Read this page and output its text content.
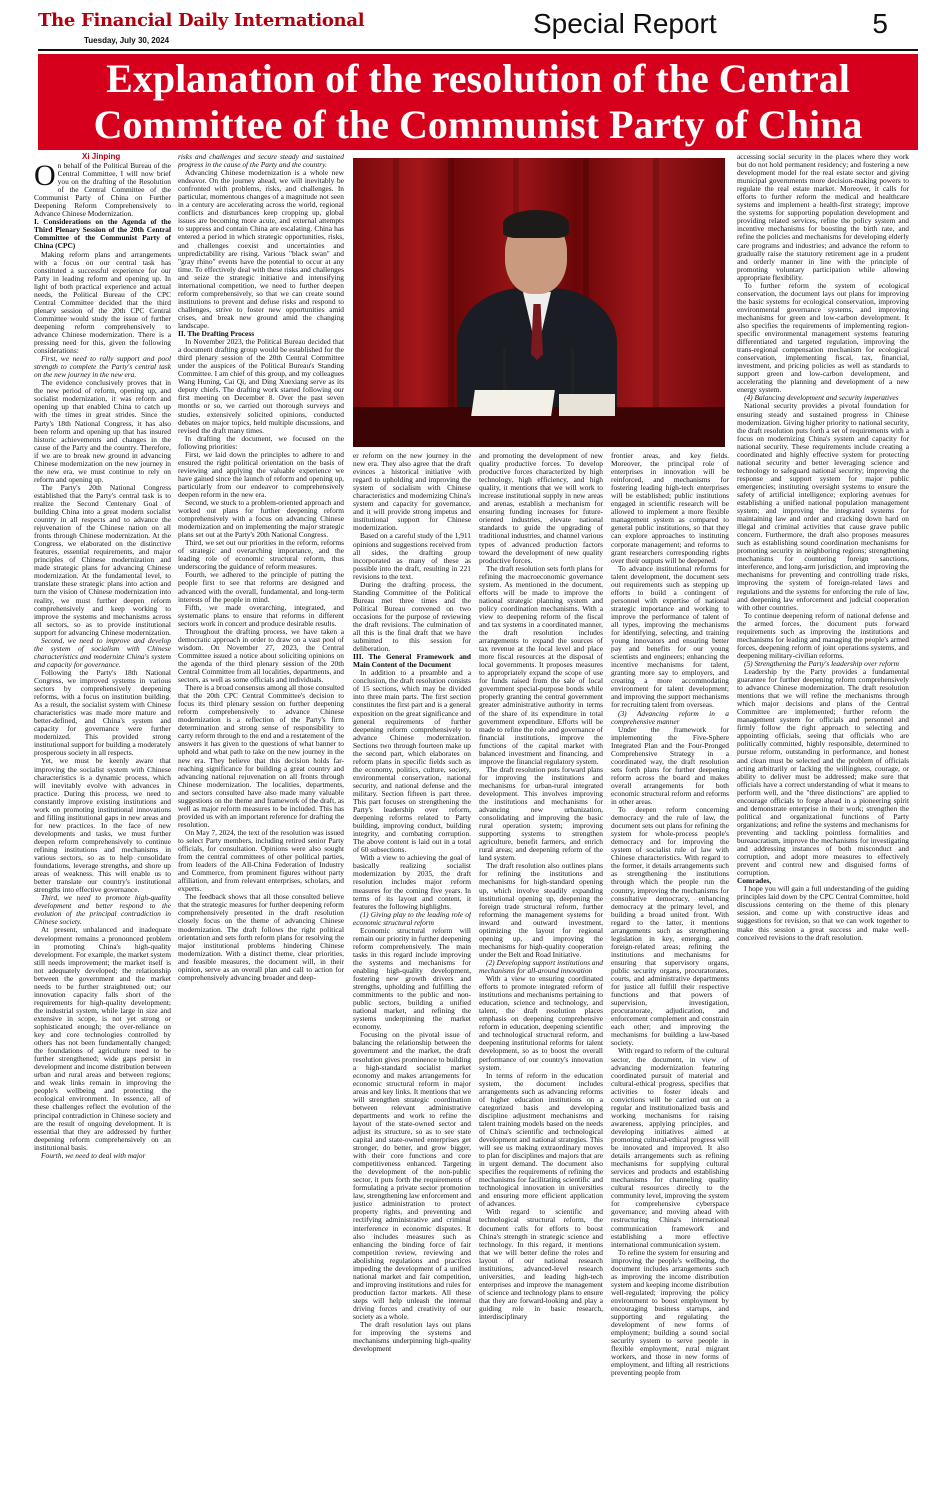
The Financial Daily International
Tuesday, July 30, 2024
Special Report	5
Explanation of the resolution of the Central
Committee of the Communist Party of China
Xi Jinping

On behalf of the Political Bureau of the Central Committee, I will now brief you on the drafting of the Resolution of the Central Committee of the Communist Party of China on Further Deepening Reform Comprehensively to Advance Chinese Modernization.

I. Considerations on the Agenda of the Third Plenary Session of the 20th Central Committee of the Communist Party of China (CPC)

Making reform plans and arrangements with a focus on our central task has constituted a successful experience for our Party in leading reform and opening up. In light of both practical experience and actual needs, the Political Bureau of the CPC Central Committee decided that the third plenary session of the 20th CPC Central Committee would study the issue of further deepening reform comprehensively to advance Chinese modernization. There is a pressing need for this, given the following considerations:

First, we need to rally support and pool strength to complete the Party's central task on the new journey in the new era.

The evidence conclusively proves that in the new period of reform, opening up, and socialist modernization, it was reform and opening up that enabled China to catch up with the times in great strides. Since the Party's 18th National Congress, it has also been reform and opening up that has insured historic achievements and changes in the cause of the Party and the country. Therefore, if we are to break new ground in advancing Chinese modernization on the new journey in the new era, we must continue to rely on reform and opening up.

The Party's 20th National Congress established that the Party's central task is to realize the Second Centenary Goal of building China into a great modern socialist country in all respects and to advance the rejuvenation of the Chinese nation on all fronts through Chinese modernization. At the Congress, we elaborated on the distinctive features, essential requirements, and major principles of Chinese modernization and made strategic plans for advancing Chinese modernization. At the fundamental level, to translate these strategic plans into action and turn the vision of Chinese modernization into reality, we must further deepen reform comprehensively and keep working to improve the systems and mechanisms across all sectors, so as to provide institutional support for advancing Chinese modernization.

Second, we need to improve and develop the system of socialism with Chinese characteristics and modernize China's system and capacity for governance.

Following the Party's 18th National Congress, we improved systems in various sectors by comprehensively deepening reforms, with a focus on institution building. As a result, the socialist system with Chinese characteristics was made more mature and better-defined, and China's system and capacity for governance were further modernized. This provided strong institutional support for building a moderately prosperous society in all respects.

Yet, we must be keenly aware that improving the socialist system with Chinese characteristics is a dynamic process, which will inevitably evolve with advances in practice. During this process, we need to constantly improve existing institutions and work on promoting institutional innovations and filling institutional gaps in new areas and for new practices. In the face of new developments and tasks, we must further deepen reform comprehensively to continue refining institutions and mechanisms in various sectors, so as to help consolidate foundations, leverage strengths, and shore up areas of weakness. This will enable us to better translate our country's institutional strengths into effective governance.

Third, we need to promote high-quality development and better respond to the evolution of the principal contradiction in Chinese society.

At present, unbalanced and inadequate development remains a pronounced problem in promoting China's high-quality development. For example, the market system still needs improvement; the market itself is not adequately developed; the relationship between the government and the market needs to be further straightened out; our innovation capacity falls short of the requirements for high-quality development; the industrial system, while large in size and extensive in scope, is not yet strong or sophisticated enough; the over-reliance on key and core technologies controlled by others has not been fundamentally changed; the foundations of agriculture need to be further strengthened; wide gaps persist in development and income distribution between urban and rural areas and between regions; and weak links remain in improving the people's wellbeing and protecting the ecological environment. In essence, all of these challenges reflect the evolution of the principal contradiction in Chinese society and are the result of ongoing development. It is essential that they are addressed by further deepening reform comprehensively on an institutional basis.

Fourth, we need to deal with major

risks and challenges and secure steady and sustained progress in the cause of the Party and the country.

Advancing Chinese modernization is a whole new endeavor. On the journey ahead, we will inevitably be confronted with problems, risks, and challenges. In particular, momentous changes of a magnitude not seen in a century are accelerating across the world, regional conflicts and disturbances keep cropping up, global issues are becoming more acute, and external attempts to suppress and contain China are escalating. China has entered a period in which strategic opportunities, risks, and challenges coexist and uncertainties and unpredictability are rising. Various "black swan" and "gray rhino" events have the potential to occur at any time. To effectively deal with these risks and challenges and seize the strategic initiative and intensifying international competition, we need to further deepen reform comprehensively, so that we can create sound institutions to prevent and defuse risks and respond to challenges, strive to foster new opportunities amid crises, and break new ground amid the changing landscape.

II. The Drafting Process

In November 2023, the Political Bureau decided that a document drafting group would be established for the third plenary session of the 20th Central Committee under the auspices of the Political Bureau's Standing Committee. I am chief of this group, and my colleagues Wang Huning, Cai Qi, and Ding Xuexiang serve as its deputy chiefs. The drafting work started following our first meeting on December 8. Over the past seven months or so, we carried out thorough surveys and studies, extensively solicited opinions, conducted debates on major topics, held multiple discussions, and revised the draft many times.

In drafting the document, we focused on the following priorities:

First, we laid down the principles to adhere to and ensured the right political orientation on the basis of reviewing and applying the valuable experience we have gained since the launch of reform and opening up, particularly from our endeavor to comprehensively deepen reform in the new era.

Second, we stuck to a problem-oriented approach and worked out plans for further deepening reform comprehensively with a focus on advancing Chinese modernization and on implementing the major strategic plans set out at the Party's 20th National Congress.

Third, we set out our priorities in the reform, reforms of strategic and overarching importance, and the leading role of economic structural reform, thus underscoring the guidance of reform measures.

Fourth, we adhered to the principle of putting the people first to see that reforms are designed and advanced with the overall, fundamental, and long-term interests of the people in mind.

Fifth, we made overarching, integrated, and systematic plans to ensure that reforms in different sectors work in concert and produce desirable results.

Throughout the drafting process, we have taken a democratic approach in order to draw on a vast pool of wisdom. On November 27, 2023, the Central Committee issued a notice about soliciting opinions on the agenda of the third plenary session of the 20th Central Committee from all localities, departments, and sectors, as well as some officials and individuals.

There is a broad consensus among all those consulted that the 20th CPC Central Committee's decision to focus its third plenary session on further deepening reform comprehensively to advance Chinese modernization is a reflection of the Party's firm determination and strong sense of responsibility to carry reform through to the end and a restatement of the answers it has given to the questions of what banner to uphold and what path to take on the new journey in the new era. They believe that this decision holds far-reaching significance for building a great country and advancing national rejuvenation on all fronts through Chinese modernization. The localities, departments, and sectors consulted have also made many valuable suggestions on the theme and framework of the draft, as well as major reform measures to be included. This has provided us with an important reference for drafting the resolution.

On May 7, 2024, the text of the resolution was issued to select Party members, including retired senior Party officials, for consultation. Opinions were also sought from the central committees of other political parties, from leaders of the All-China Federation of Industry and Commerce, from prominent figures without party affiliation, and from relevant enterprises, scholars, and experts.

The feedback shows that all those consulted believe that the strategic measures for further deepening reform comprehensively presented in the draft resolution closely focus on the theme of advancing Chinese modernization. The draft follows the right political orientation and sets forth reform plans for resolving the major institutional problems hindering Chinese modernization. With a distinct theme, clear priorities, and feasible measures, the document will, in their opinion, serve as an overall plan and call to action for comprehensively advancing broader and deep-

er reform on the new journey in the new era. They also agree that the draft evinces a historical initiative with regard to upholding and improving the system of socialism with Chinese characteristics and modernizing China's system and capacity for governance, and it will provide strong impetus and institutional support for Chinese modernization.

Based on a careful study of the 1,911 opinions and suggestions received from all sides, the drafting group incorporated as many of these as possible into the draft, resulting in 221 revisions to the text.

During the drafting process, the Standing Committee of the Political Bureau met three times and the Political Bureau convened on two occasions for the purpose of reviewing the draft revisions. The culmination of all this is the final draft that we have submitted to this session for deliberation.

III. The General Framework and Main Content of the Document

In addition to a preamble and a conclusion, the draft resolution consists of 15 sections, which may be divided into three main parts. The first section constitutes the first part and is a general exposition on the great significance and general requirements of further deepening reform comprehensively to advance Chinese modernization. Sections two through fourteen make up the second part, which elaborates on reform plans in specific fields such as the economy, politics, culture, society, environmental conservation, national security, and national defense and the military. Section fifteen is part three. This part focuses on strengthening the Party's leadership over reform, deepening reforms related to Party building, improving conduct, building integrity, and combating corruption. The above content is laid out in a total of 60 subsections.

With a view to achieving the goal of basically realizing socialist modernization by 2035, the draft resolution includes major reform measures for the coming five years. In terms of its layout and content, it features the following highlights.

(1) Giving play to the leading role of economic structural reform

Economic structural reform will remain our priority in further deepening reform comprehensively. The main tasks in this regard include improving the systems and mechanisms for enabling high-quality development, fostering new growth drivers and strengths, upholding and fulfilling the commitments to the public and non-public sectors, building a unified national market, and refining the systems underpinning the market economy.

Focusing on the pivotal issue of balancing the relationship between the government and the market, the draft resolution gives prominence to building a high-standard socialist market economy and makes arrangements for economic structural reform in major areas and key links. It mentions that we will strengthen strategic coordination between relevant administrative departments and work to refine the layout of the state-owned sector and adjust its structure, so as to see state capital and state-owned enterprises get stronger, do better, and grow bigger, with their core functions and core competitiveness enhanced. Targeting the development of the non-public sector, it puts forth the requirements of formulating a private sector promotion law, strengthening law enforcement and justice administration to protect property rights, and preventing and rectifying administrative and criminal interference in economic disputes. It also includes measures such as enhancing the binding force of fair competition review, reviewing and abolishing regulations and practices impeding the development of a unified national market and fair competition, and improving institutions and rules for production factor markets. All these steps will help unleash the internal driving forces and creativity of our society as a whole.

The draft resolution lays out plans for improving the systems and mechanisms underpinning high-quality development

and promoting the development of new quality productive forces. To develop productive forces characterized by high technology, high efficiency, and high quality, it mentions that we will work to increase institutional supply in new areas and arenas, establish a mechanism for ensuring funding increases for future-oriented industries, elevate national standards to guide the upgrading of traditional industries, and channel various types of advanced production factors toward the development of new quality productive forces.

The draft resolution sets forth plans for refining the macroeconomic governance system. As mentioned in the document, efforts will be made to improve the national strategic planning system and policy coordination mechanisms. With a view to deepening reform of the fiscal and tax systems in a coordinated manner, the draft resolution includes arrangements to expand the sources of tax revenue at the local level and place more fiscal resources at the disposal of local governments. It proposes measures to appropriately expand the scope of use for funds raised from the sale of local government special-purpose bonds while properly granting the central government greater administrative authority in terms of the share of its expenditure in total government expenditure. Efforts will be made to refine the role and governance of financial institutions, improve the functions of the capital market with balanced investment and financing, and improve the financial regulatory system.

The draft resolution puts forward plans for improving the institutions and mechanisms for urban-rural integrated development. This involves improving the institutions and mechanisms for advancing new urbanization, consolidating and improving the basic rural operation system; improving supporting systems to strengthen agriculture, benefit farmers, and enrich rural areas; and deepening reform of the land system.

The draft resolution also outlines plans for refining the institutions and mechanisms for high-standard opening up, which involve steadily expanding institutional opening up, deepening the foreign trade structural reform, further reforming the management systems for inward and outward investment, optimizing the layout for regional opening up, and improving the mechanisms for high-quality cooperation under the Belt and Road Initiative.

(2) Developing support institutions and mechanisms for all-around innovation

With a view to ensuring coordinated efforts to promote integrated reform of institutions and mechanisms pertaining to education, science and technology, and talent, the draft resolution places emphasis on deepening comprehensive reform in education, deepening scientific and technological structural reform, and deepening institutional reforms for talent development, so as to boost the overall performance of our country's innovation system.

In terms of reform in the education system, the document includes arrangements such as advancing reforms of higher education institutions on a categorized basis and developing discipline adjustment mechanisms and talent training models based on the needs of China's scientific and technological development and national strategies. This will see us making extraordinary moves to plan for disciplines and majors that are in urgent demand. The document also specifies the requirements of refining the mechanisms for facilitating scientific and technological innovation in universities and ensuring more efficient application of advances.

With regard to scientific and technological structural reform, the document calls for efforts to boost China's strength in strategic science and technology. In this regard, it mentions that we will better define the roles and layout of our national research institutions, advanced-level research universities, and leading high-tech enterprises and improve the management of science and technology plans to ensure that they are forward-looking and play a guiding role in basic research, interdisciplinary

frontier areas, and key fields. Moreover, the principal role of enterprises in innovation will be reinforced, and mechanisms for fostering leading high-tech enterprises will be established; public institutions engaged in scientific research will be allowed to implement a more flexible management system as compared to general public institutions, so that they can explore approaches to instituting corporate management; and reforms to grant researchers corresponding rights over their outputs will be deepened.

To advance institutional reforms for talent development, the document sets out requirements such as stepping up efforts to build a contingent of personnel with expertise of national strategic importance and working to improve the performance of talent of all types, improving the mechanisms for identifying, selecting, and training young innovators and ensuring better pay and benefits for our young scientists and engineers; enhancing the incentive mechanisms for talent, granting more say to employers, and creating a more accommodating environment for talent development; and improving the support mechanisms for recruiting talent from overseas.

(3) Advancing reform in a comprehensive manner

Under the framework for implementing the Five-Sphere Integrated Plan and the Four-Pronged Comprehensive Strategy in a coordinated way, the draft resolution sets forth plans for further deepening reform across the board and makes overall arrangements for both economic structural reform and reforms in other areas.

To deepen reform concerning democracy and the rule of law, the document sets out plans for refining the system for whole-process people's democracy and for improving the system of socialist rule of law with Chinese characteristics. With regard to the former, it details arrangements such as strengthening the institutions through which the people run the country, improving the mechanisms for consultative democracy, enhancing democracy at the primary level, and building a broad united front. With regard to the latter, it mentions arrangements such as strengthening legislation in key, emerging, and foreign-related areas; refining the institutions and mechanisms for ensuring that supervisory organs, public security organs, procuratorates, courts, and administrative departments for justice all fulfill their respective functions and that powers of supervision, investigation, procuratorate, adjudication, and enforcement complement and constrain each other; and improving the mechanisms for building a law-based society.

With regard to reform of the cultural sector, the document, in view of advancing modernization featuring coordinated pursuit of material and cultural-ethical progress, specifies that activities to foster ideals and convictions will be carried out on a regular and institutionalized basis and working mechanisms for raising awareness, applying principles, and developing initiatives aimed at promoting cultural-ethical progress will be innovated and improved. It also details arrangements such as refining mechanisms for supplying cultural services and products and establishing mechanisms for channeling quality cultural resources directly to the community level, improving the system for comprehensive cyberspace governance; and moving ahead with restructuring China's international communication framework and establishing a more effective international communication system.

To refine the system for ensuring and improving the people's wellbeing, the document includes arrangements such as improving the income distribution system and keeping income distribution well-regulated; improving the policy environment to boost employment by encouraging business startups, and supporting and regulating the development of new forms of employment; building a sound social security system to serve people in flexible employment, rural migrant workers, and those in new forms of employment, and lifting all restrictions preventing people from

accessing social security in the places where they work but do not hold permanent residency; and fostering a new development model for the real estate sector and giving municipal governments more decision-making powers to regulate the real estate market. Moreover, it calls for efforts to further reform the medical and healthcare systems and implement a health-first strategy; improve the systems for supporting population development and providing related services, refine the policy system and incentive mechanisms for boosting the birth rate, and refine the policies and mechanisms for developing elderly care programs and industries; and advance the reform to gradually raise the statutory retirement age in a prudent and orderly manner in line with the principle of promoting voluntary participation while allowing appropriate flexibility.

To further reform the system of ecological conservation, the document lays out plans for improving the basic systems for ecological conservation, improving environmental governance systems, and improving mechanisms for green and low-carbon development. It also specifies the requirements of implementing region-specific environmental management systems featuring differentiated and targeted regulation, improving the trans-regional compensation mechanism for ecological conservation, implementing fiscal, tax, financial, investment, and pricing policies as well as standards to support green and low-carbon development, and accelerating the planning and development of a new energy system.

(4) Balancing development and security imperatives

National security provides a pivotal foundation for ensuring steady and sustained progress in Chinese modernization. Giving higher priority to national security, the draft resolution puts forth a set of requirements with a focus on modernizing China's system and capacity for national security. These requirements include creating a coordinated and highly effective system for protecting national security and better leveraging science and technology to safeguard national security; improving the response and support system for major public emergencies; instituting oversight systems to ensure the safety of artificial intelligence; exploring avenues for establishing a unified national population management system; and improving the integrated systems for maintaining law and order and cracking down hard on illegal and criminal activities that cause grave public concern. Furthermore, the draft also proposes measures such as establishing sound coordination mechanisms for promoting security in neighboring regions; strengthening mechanisms for countering foreign sanctions, interference, and long-arm jurisdiction, and improving the mechanisms for preventing and controlling trade risks, improving the system of foreign-related laws and regulations and the systems for enforcing the rule of law, and deepening law enforcement and judicial cooperation with other countries.

To continue deepening reform of national defense and the armed forces, the document puts forward requirements such as improving the institutions and mechanisms for leading and managing the people's armed forces, deepening reform of joint operations systems, and deepening military-civilian reforms.

(5) Strengthening the Party's leadership over reform

Leadership by the Party provides a fundamental guarantee for further deepening reform comprehensively to advance Chinese modernization. The draft resolution mentions that we will refine the mechanisms through which major decisions and plans of the Central Committee are implemented; further reform the management system for officials and personnel and firmly follow the right approach to selecting and appointing officials, seeing that officials who are politically committed, highly responsible, determined to pursue reform, outstanding in performance, and honest and clean must be selected and the problem of officials acting arbitrarily or lacking the willingness, courage, or ability to deliver must be addressed; make sure that officials have a correct understanding of what it means to perform well, and the "three distinctions" are applied to encourage officials to forge ahead in a pioneering spirit and demonstrate enterprise in their work; strengthen the political and organizational functions of Party organizations; and refine the systems and mechanisms for preventing and tackling pointless formalities and bureaucratism, improve the mechanisms for investigating and addressing instances of both misconduct and corruption, and adopt more measures to effectively prevent and control new and disguised forms of corruption.

Comrades,

I hope you will gain a full understanding of the guiding principles laid down by the CPC Central Committee, hold discussions centering on the theme of this plenary session, and come up with constructive ideas and suggestions for revision, so that we can work together to make this session a great success and make well-conceived revisions to the draft resolution.
